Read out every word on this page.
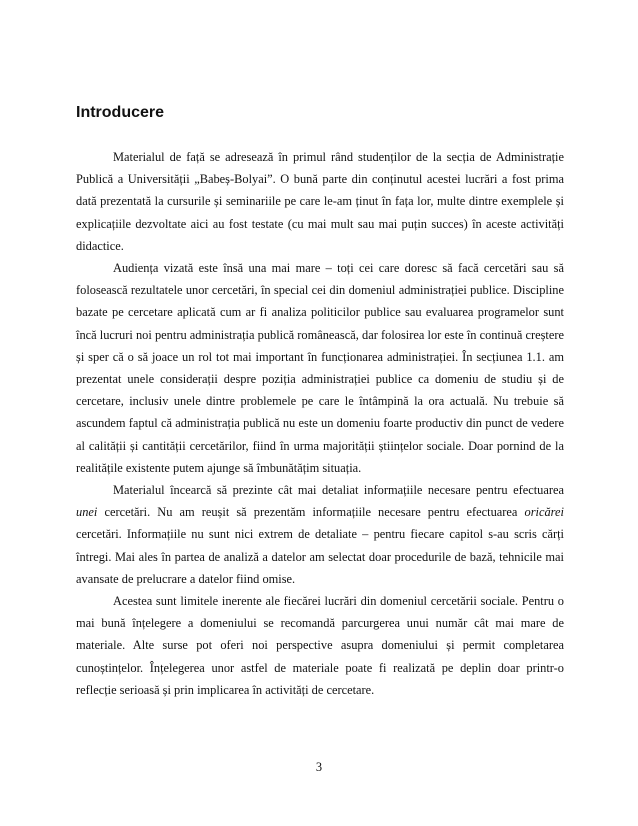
Introducere

Materialul de față se adresează în primul rând studenților de la secția de Administrație Publică a Universității „Babeș-Bolyai”. O bună parte din conținutul acestei lucrări a fost prima dată prezentată la cursurile și seminariile pe care le-am ținut în fața lor, multe dintre exemplele și explicațiile dezvoltate aici au fost testate (cu mai mult sau mai puțin succes) în aceste activități didactice.

Audiența vizată este însă una mai mare – toți cei care doresc să facă cercetări sau să folosească rezultatele unor cercetări, în special cei din domeniul administrației publice. Discipline bazate pe cercetare aplicată cum ar fi analiza politicilor publice sau evaluarea programelor sunt încă lucruri noi pentru administrația publică românească, dar folosirea lor este în continuă creștere și sper că o să joace un rol tot mai important în funcționarea administrației. În secțiunea 1.1. am prezentat unele considerații despre poziția administrației publice ca domeniu de studiu și de cercetare, inclusiv unele dintre problemele pe care le întâmpină la ora actuală. Nu trebuie să ascundem faptul că administrația publică nu este un domeniu foarte productiv din punct de vedere al calității și cantității cercetărilor, fiind în urma majorității științelor sociale. Doar pornind de la realitățile existente putem ajunge să îmbunătățim situația.

Materialul încearcă să prezinte cât mai detaliat informațiile necesare pentru efectuarea unei cercetări. Nu am reușit să prezentăm informațiile necesare pentru efectuarea oricărei cercetări. Informațiile nu sunt nici extrem de detaliate – pentru fiecare capitol s-au scris cărți întregi. Mai ales în partea de analiză a datelor am selectat doar procedurile de bază, tehnicile mai avansate de prelucrare a datelor fiind omise.

Acestea sunt limitele inerente ale fiecărei lucrări din domeniul cercetării sociale. Pentru o mai bună înțelegere a domeniului se recomandă parcurgerea unui număr cât mai mare de materiale. Alte surse pot oferi noi perspective asupra domeniului și permit completarea cunoștințelor. Înțelegerea unor astfel de materiale poate fi realizată pe deplin doar printr-o reflecție serioasă și prin implicarea în activități de cercetare.

3
